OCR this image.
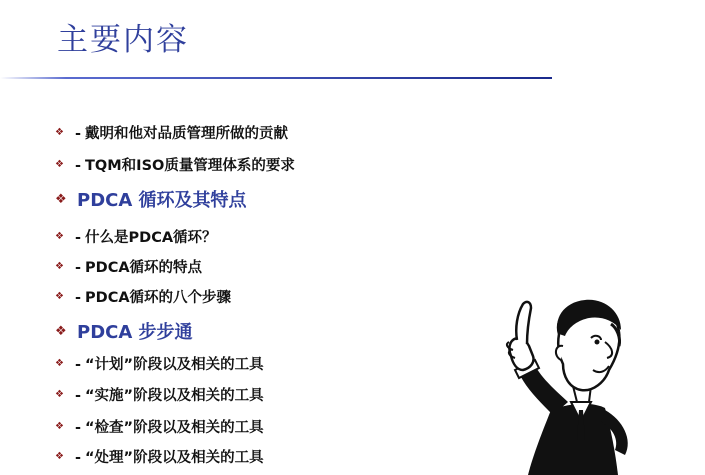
主要内容
❖ - 戴明和他对品质管理所做的贡献
❖ - TQM和ISO质量管理体系的要求
❖ PDCA 循环及其特点
❖ - 什么是PDCA循环？
❖ - PDCA循环的特点
❖ - PDCA循环的八个步骤
❖ PDCA 步步通
❖ - “计划”阶段以及相关的工具
❖ - “实施”阶段以及相关的工具
❖ - “检查”阶段以及相关的工具
❖ - “处理”阶段以及相关的工具
